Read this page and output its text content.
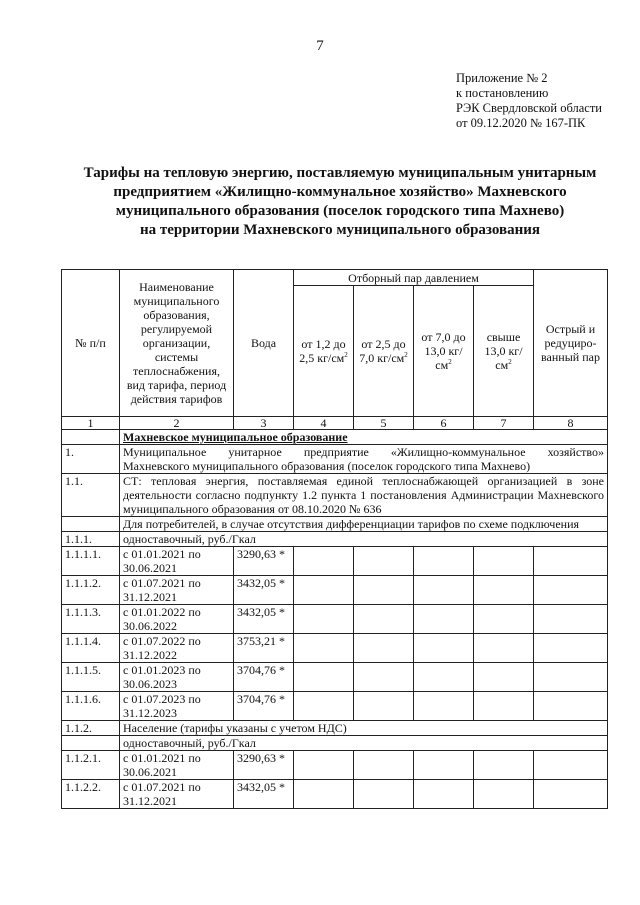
7
Приложение № 2
к постановлению
РЭК Свердловской области
от 09.12.2020 № 167-ПК
Тарифы на тепловую энергию, поставляемую муниципальным унитарным
предприятием «Жилищно-коммунальное хозяйство» Махневского
муниципального образования (поселок городского типа Махнево)
на территории Махневского муниципального образования
№ п/п	Наименование муниципального образования, регулируемой организации, системы теплоснабжения, вид тарифа, период действия тарифов	Вода	Отборный пар давлением				Острый и редуциро-ванный пар
			от 1,2 до 2,5 $кг/см^2$	от 2,5 до 7,0 $кг/см^2$	от 7,0 до 13,0 $кг/см^2$	свыше 13,0 $кг/см^2$
1	2	3	4	5	6	7	8
	Махневское муниципальное образование						
1.	Муниципальное унитарное предприятие «Жилищно-коммунальное хозяйство»
Махневского муниципального образования (поселок городского типа Махнево)						

1.1.	СТ: тепловая энергия, поставляемая единой теплоснабжающей организацией в зоне деятельности согласно подпункту 1.2 пункта 1 постановления Администрации Махневского муниципального образования от 08.10.2020 № 636						
	Для потребителей, в случае отсутствия дифференциации тарифов по схеме подключения						
1.1.1.	одноставочный, руб./Гкал						
1.1.1.1.	с 01.01.2021 по 30.06.2021	3290,63 *					
1.1.1.2.	с 01.07.2021 по 31.12.2021	3432,05 *					
1.1.1.3.	с 01.01.2022 по 30.06.2022	3432,05 *					
1.1.1.4.	с 01.07.2022 по 31.12.2022	3753,21 *					
1.1.1.5.	с 01.01.2023 по 30.06.2023	3704,76 *					
1.1.1.6.	с 01.07.2023 по 31.12.2023	3704,76 *					
1.1.2.	Население (тарифы указаны с учетом НДС)						
	одноставочный, руб./Гкал						
1.1.2.1.	с 01.01.2021 по 30.06.2021	3290,63 *					
1.1.2.2.	с 01.07.2021 по 31.12.2021	3432,05 *					
